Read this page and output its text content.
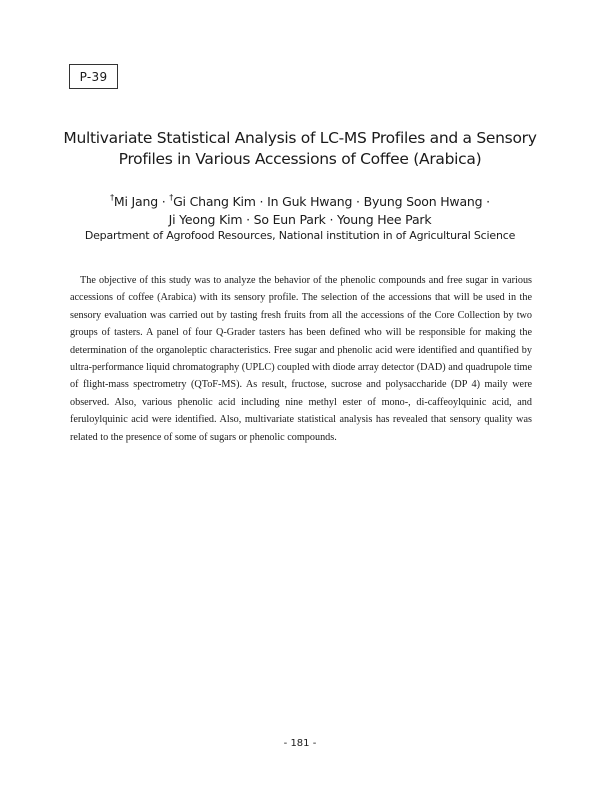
P-39
Multivariate Statistical Analysis of LC-MS Profiles and a Sensory Profiles in Various Accessions of Coffee (Arabica)
†Mi Jang · †Gi Chang Kim · In Guk Hwang · Byung Soon Hwang ·
Ji Yeong Kim · So Eun Park · Young Hee Park
Department of Agrofood Resources, National institution in of Agricultural Science

The objective of this study was to analyze the behavior of the phenolic compounds and free sugar in various accessions of coffee (Arabica) with its sensory profile. The selection of the accessions that will be used in the sensory evaluation was carried out by tasting fresh fruits from all the accessions of the Core Collection by two groups of tasters. A panel of four Q-Grader tasters has been defined who will be responsible for making the determination of the organoleptic characteristics. Free sugar and phenolic acid were identified and quantified by ultra-performance liquid chromatography (UPLC) coupled with diode array detector (DAD) and quadrupole time of flight-mass spectrometry (QToF-MS). As result, fructose, sucrose and polysaccharide (DP 4) maily were observed. Also, various phenolic acid including nine methyl ester of mono-, di-caffeoylquinic acid, and feruloylquinic acid were identified. Also, multivariate statistical analysis has revealed that sensory quality was related to the presence of some of sugars or phenolic compounds.

- 181 -
